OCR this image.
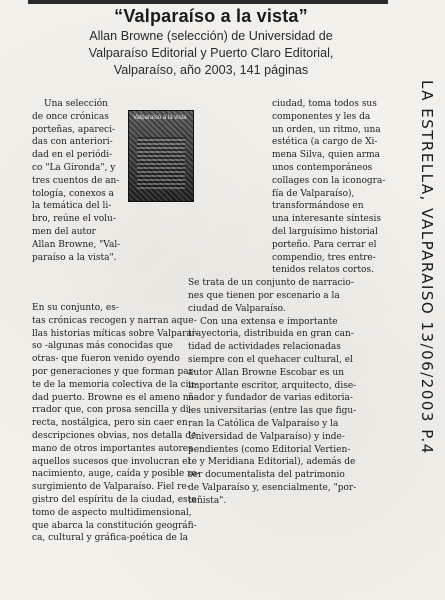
“Valparaíso a la vista”
Allan Browne (selección) de Universidad de
Valparaíso Editorial y Puerto Claro Editorial,
Valparaíso, año 2003, 141 páginas
Valparaíso a la vista

Una selección

de once crónicas

porteñas, apareci-

das con anteriori-

dad en el periódi-

co "La Gironda", y

tres cuentos de an-

tología, conexos a

la temática del li-

bro, reúne el volu-

men del autor

Allan Browne, "Val-

paraíso a la vista".

En su conjunto, es-

tas crónicas recogen y narran aque-

llas historias míticas sobre Valparaí-

so -algunas más conocidas que

otras- que fueron venido oyendo

por generaciones y que forman par-

te de la memoria colectiva de la ciu-

dad puerto. Browne es el ameno na-

rrador que, con prosa sencilla y di-

recta, nostálgica, pero sin caer en

descripciones obvias, nos detalla de

mano de otros importantes autores

aquellos sucesos que involucran el

nacimiento, auge, caída y posible re-

surgimiento de Valparaíso. Fiel re-

gistro del espíritu de la ciudad, este

tomo de aspecto multidimensional,

que abarca la constitución geográfi-

ca, cultural y gráfica-poética de la

ciudad, toma todos sus

componentes y les da

un orden, un ritmo, una

estética (a cargo de Xi-

mena Silva, quien arma

unos contemporáneos

collages con la iconogra-

fía de Valparaíso),

transformándose en

una interesante síntesis

del larguísimo historial

porteño. Para cerrar el

compendio, tres entre-

tenidos relatos cortos.

Se trata de un conjunto de narracio-

nes que tienen por escenario a la

ciudad de Valparaíso.

Con una extensa e importante

trayectoria, distribuida en gran can-

tidad de actividades relacionadas

siempre con el quehacer cultural, el

autor Allan Browne Escobar es un

importante escritor, arquitecto, dise-

ñador y fundador de varias editoria-

les universitarias (entre las que figu-

ran la Católica de Valparaíso y la

Universidad de Valparaíso) y inde-

pendientes (como Editorial Vertien-

te y Meridiana Editorial), además de

ser documentalista del patrimonio

de Valparaíso y, esencialmente, "por-

teñista".

LA ESTRELLA, VALPARAISO 13/06/2003 P.4
